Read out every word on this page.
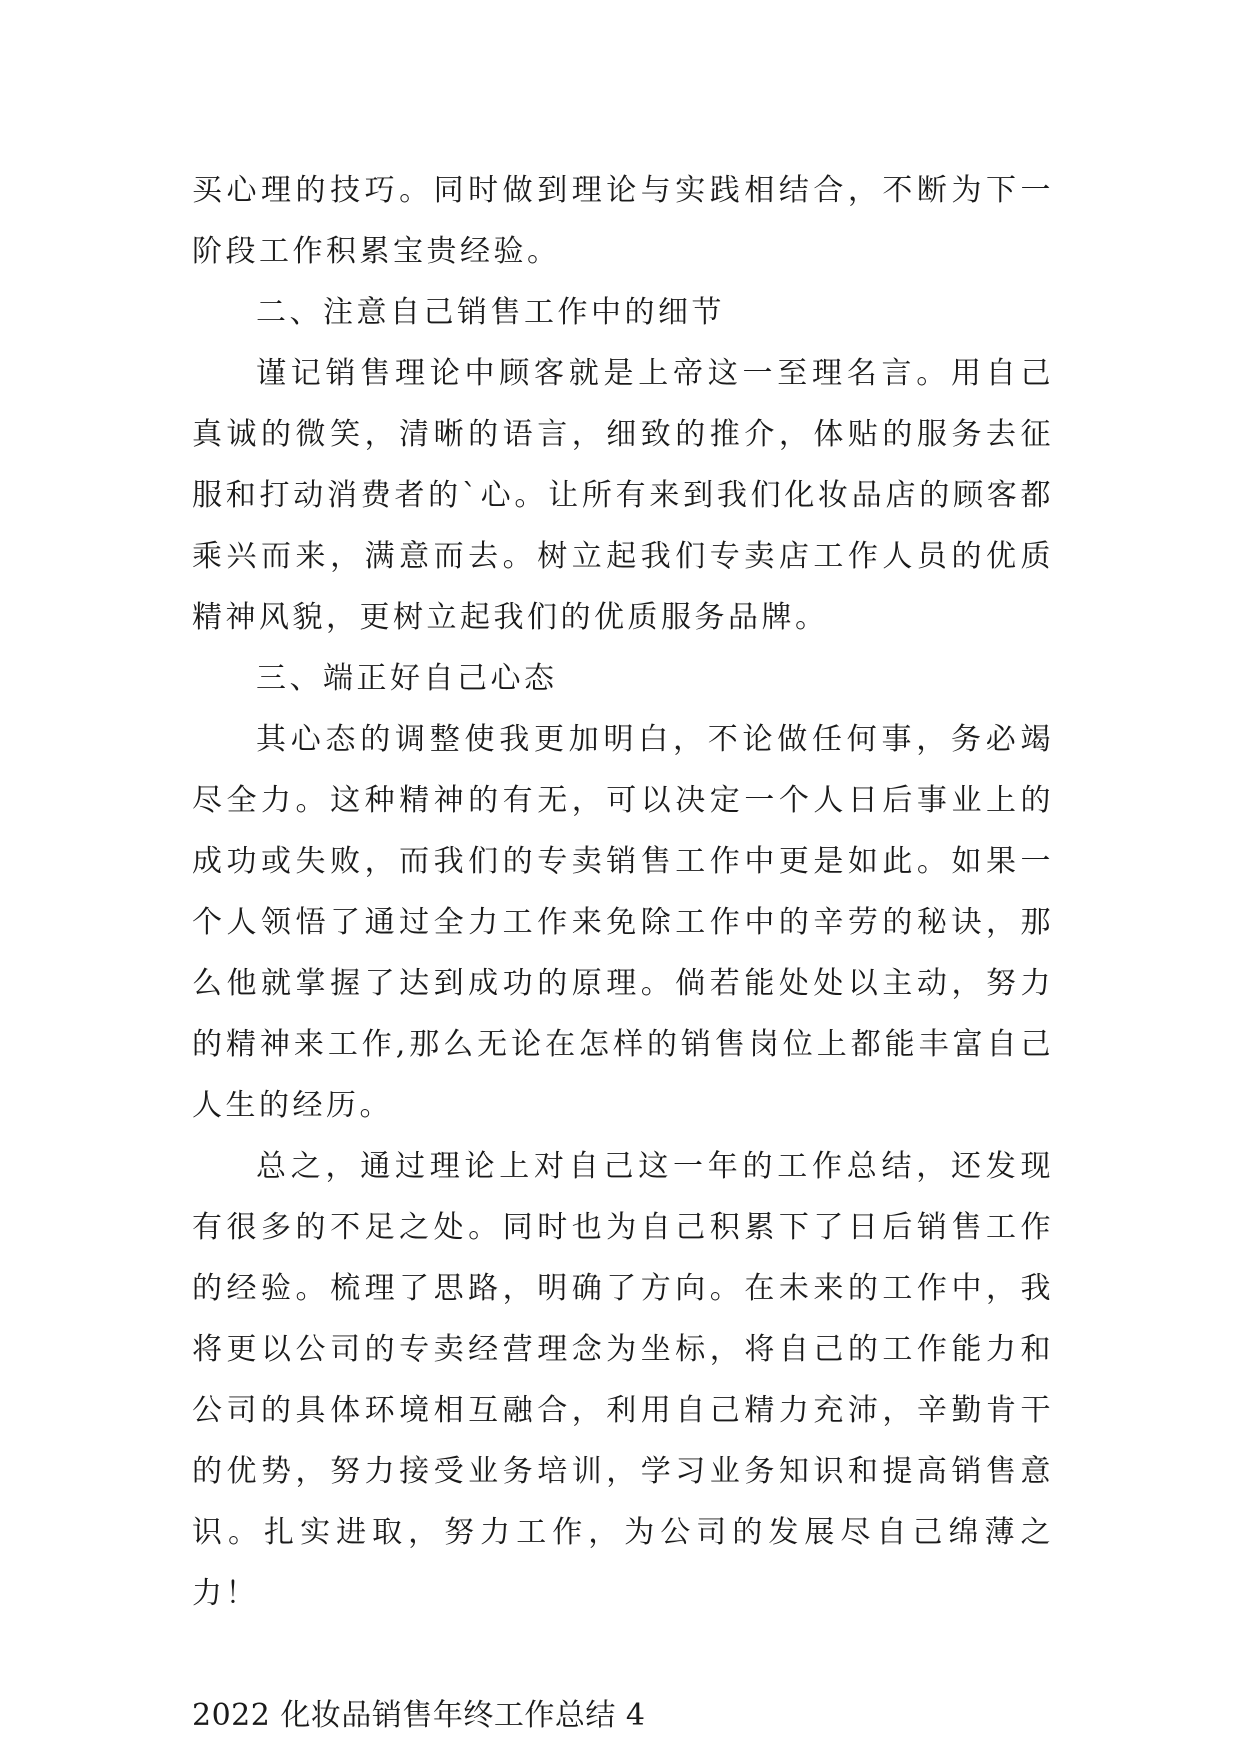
买心理的技巧。同时做到理论与实践相结合，不断为下一阶段工作积累宝贵经验。

二、注意自己销售工作中的细节

谨记销售理论中顾客就是上帝这一至理名言。用自己真诚的微笑，清晰的语言，细致的推介，体贴的服务去征服和打动消费者的`心。让所有来到我们化妆品店的顾客都乘兴而来，满意而去。树立起我们专卖店工作人员的优质精神风貌，更树立起我们的优质服务品牌。

三、端正好自己心态

其心态的调整使我更加明白，不论做任何事，务必竭尽全力。这种精神的有无，可以决定一个人日后事业上的成功或失败，而我们的专卖销售工作中更是如此。如果一个人领悟了通过全力工作来免除工作中的辛劳的秘诀，那么他就掌握了达到成功的原理。倘若能处处以主动，努力的精神来工作,那么无论在怎样的销售岗位上都能丰富自己人生的经历。

总之，通过理论上对自己这一年的工作总结，还发现有很多的不足之处。同时也为自己积累下了日后销售工作的经验。梳理了思路，明确了方向。在未来的工作中，我将更以公司的专卖经营理念为坐标，将自己的工作能力和公司的具体环境相互融合，利用自己精力充沛，辛勤肯干的优势，努力接受业务培训，学习业务知识和提高销售意识。扎实进取，努力工作，为公司的发展尽自己绵薄之力！

2022 化妆品销售年终工作总结 4
